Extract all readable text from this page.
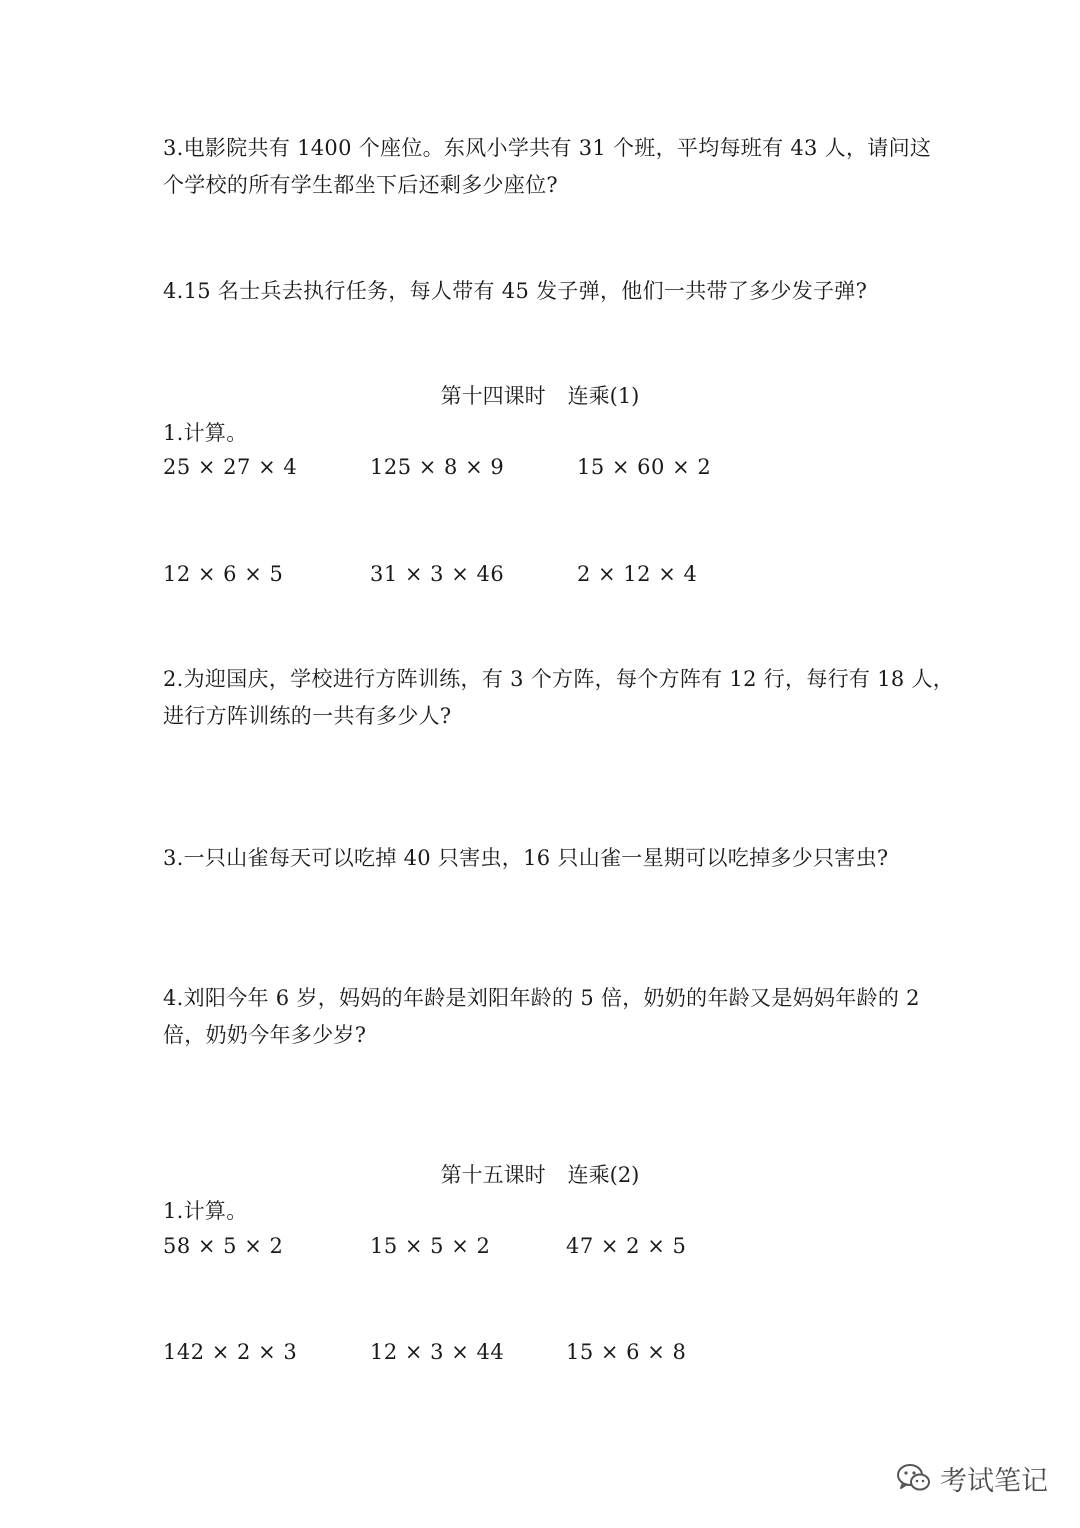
3.电影院共有 1400 个座位。东风小学共有 31 个班，平均每班有 43 人，请问这
个学校的所有学生都坐下后还剩多少座位?
4.15 名士兵去执行任务，每人带有 45 发子弹，他们一共带了多少发子弹?
第十四课时 连乘(1)
1.计算。
25 × 27 × 4	125 × 8 × 9	15 × 60 × 2
12 × 6 × 5	31 × 3 × 46	2 × 12 × 4
2.为迎国庆，学校进行方阵训练，有 3 个方阵，每个方阵有 12 行，每行有 18 人，
进行方阵训练的一共有多少人?
3.一只山雀每天可以吃掉 40 只害虫，16 只山雀一星期可以吃掉多少只害虫?
4.刘阳今年 6 岁，妈妈的年龄是刘阳年龄的 5 倍，奶奶的年龄又是妈妈年龄的 2
倍，奶奶今年多少岁?
第十五课时 连乘(2)
1.计算。
58 × 5 × 2	15 × 5 × 2	47 × 2 × 5
142 × 2 × 3	12 × 3 × 44	15 × 6 × 8
考试笔记
